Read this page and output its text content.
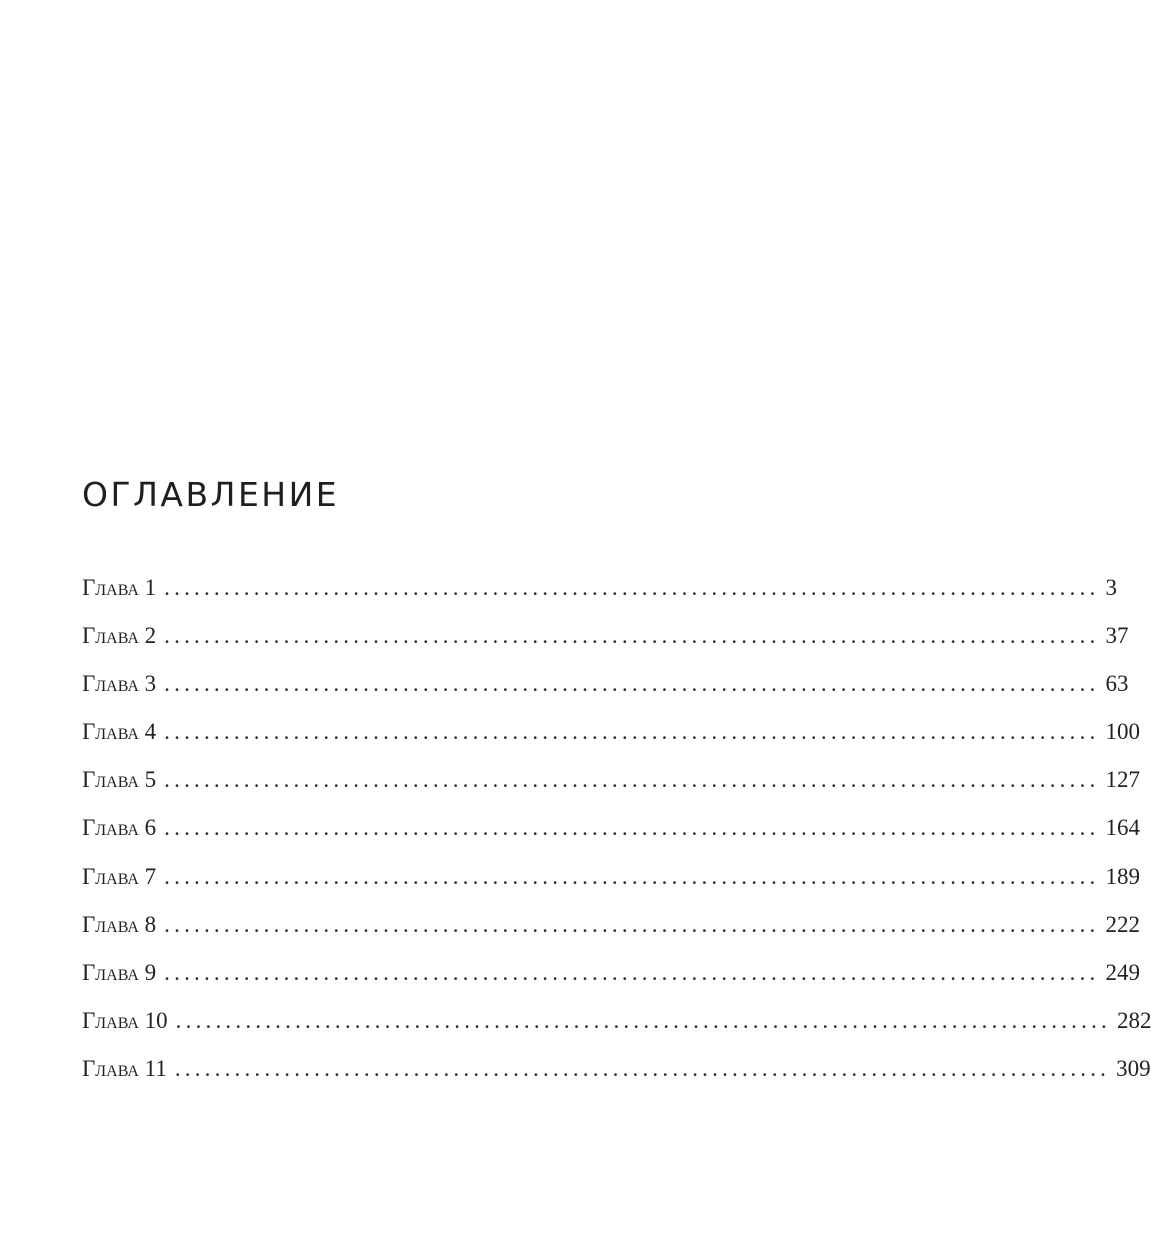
ОГЛАВЛЕНИЕ
Глава 1 .............................................................................................. 3
Глава 2 .............................................................................................. 37
Глава 3 .............................................................................................. 63
Глава 4 .............................................................................................. 100
Глава 5 .............................................................................................. 127
Глава 6 .............................................................................................. 164
Глава 7 .............................................................................................. 189
Глава 8 .............................................................................................. 222
Глава 9 .............................................................................................. 249
Глава 10 .............................................................................................. 282
Глава 11 .............................................................................................. 309
